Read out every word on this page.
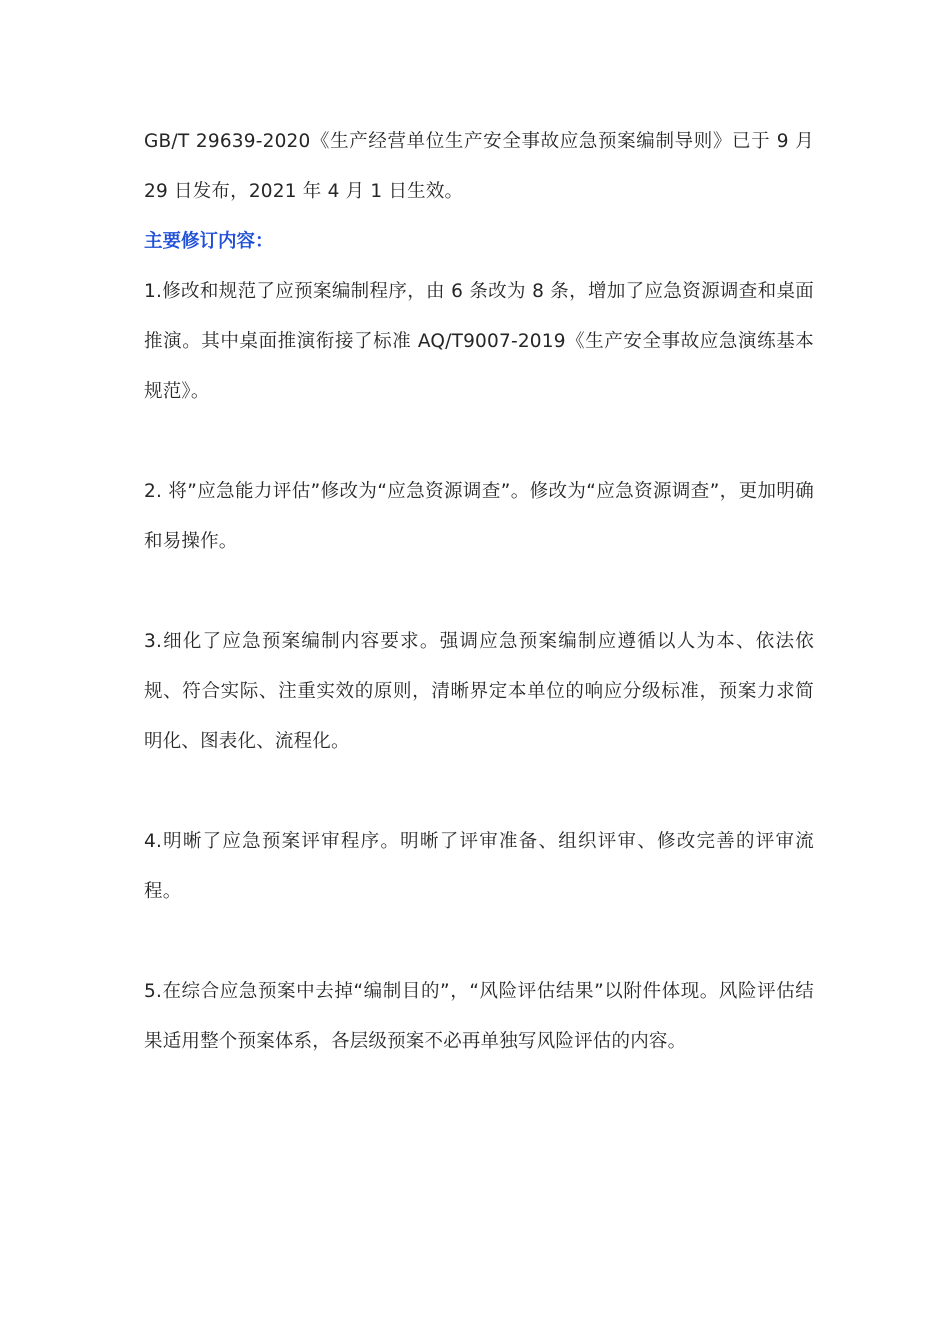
GB/T 29639-2020《生产经营单位生产安全事故应急预案编制导则》已于 9 月 29 日发布，2021 年 4 月 1 日生效。

主要修订内容：

1.修改和规范了应预案编制程序，由 6 条改为 8 条，增加了应急资源调查和桌面推演。其中桌面推演衔接了标准 AQ/T9007-2019《生产安全事故应急演练基本规范》。

2. 将”应急能力评估”修改为“应急资源调查”。修改为“应急资源调查”，更加明确和易操作。

3.细化了应急预案编制内容要求。强调应急预案编制应遵循以人为本、依法依规、符合实际、注重实效的原则，清晰界定本单位的响应分级标准，预案力求简明化、图表化、流程化。

4.明晰了应急预案评审程序。明晰了评审准备、组织评审、修改完善的评审流程。

5.在综合应急预案中去掉“编制目的”，“风险评估结果”以附件体现。风险评估结果适用整个预案体系，各层级预案不必再单独写风险评估的内容。
